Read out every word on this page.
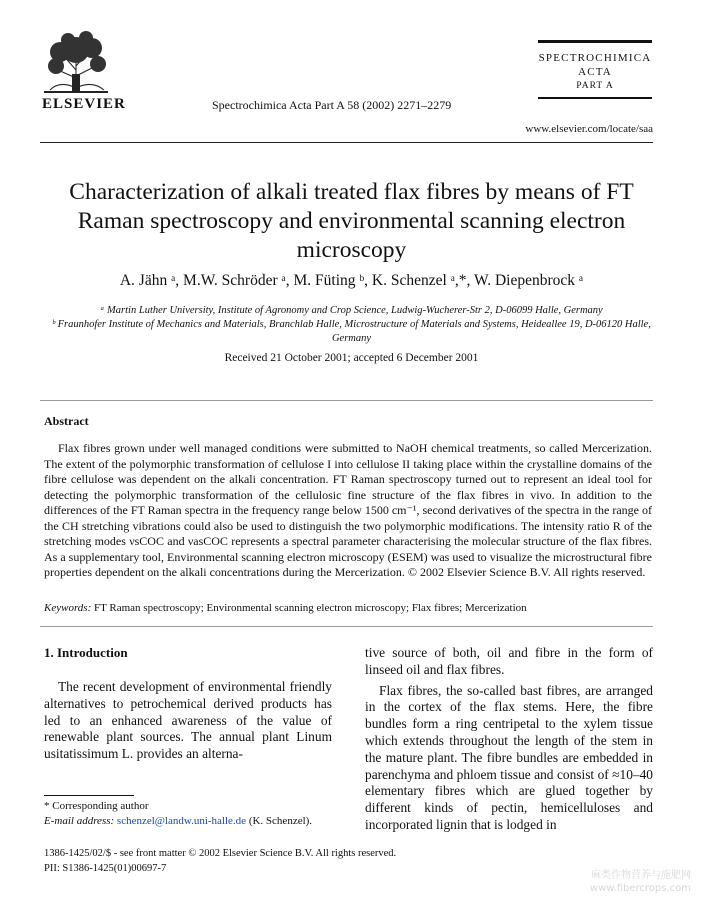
ELSEVIER	Spectrochimica Acta Part A 58 (2002) 2271–2279
SPECTROCHIMICA
ACTA
PART A
www.elsevier.com/locate/saa
Characterization of alkali treated flax fibres by means of FT Raman spectroscopy and environmental scanning electron microscopy
A. Jähn ᵃ, M.W. Schröder ᵃ, M. Füting ᵇ, K. Schenzel ᵃ,*, W. Diepenbrock ᵃ
ᵃ Martin Luther University, Institute of Agronomy and Crop Science, Ludwig-Wucherer-Str 2, D-06099 Halle, Germany
ᵇ Fraunhofer Institute of Mechanics and Materials, Branchlab Halle, Microstructure of Materials and Systems, Heideallee 19, D-06120 Halle, Germany
Received 21 October 2001; accepted 6 December 2001
Abstract
Flax fibres grown under well managed conditions were submitted to NaOH chemical treatments, so called Mercerization. The extent of the polymorphic transformation of cellulose I into cellulose II taking place within the crystalline domains of the fibre cellulose was dependent on the alkali concentration. FT Raman spectroscopy turned out to represent an ideal tool for detecting the polymorphic transformation of the cellulosic fine structure of the flax fibres in vivo. In addition to the differences of the FT Raman spectra in the frequency range below 1500 cm⁻¹, second derivatives of the spectra in the range of the CH stretching vibrations could also be used to distinguish the two polymorphic modifications. The intensity ratio R of the stretching modes νsCOC and νasCOC represents a spectral parameter characterising the molecular structure of the flax fibres. As a supplementary tool, Environmental scanning electron microscopy (ESEM) was used to visualize the microstructural fibre properties dependent on the alkali concentrations during the Mercerization. © 2002 Elsevier Science B.V. All rights reserved.
Keywords: FT Raman spectroscopy; Environmental scanning electron microscopy; Flax fibres; Mercerization
1. Introduction

The recent development of environmental friendly alternatives to petrochemical derived products has led to an enhanced awareness of the value of renewable plant sources. The annual plant Linum usitatissimum L. provides an alterna-

tive source of both, oil and fibre in the form of linseed oil and flax fibres.

Flax fibres, the so-called bast fibres, are arranged in the cortex of the flax stems. Here, the fibre bundles form a ring centripetal to the xylem tissue which extends throughout the length of the stem in the mature plant. The fibre bundles are embedded in parenchyma and phloem tissue and consist of ≈10–40 elementary fibres which are glued together by different kinds of pectin, hemicelluloses and incorporated lignin that is lodged in

* Corresponding author
E-mail address: schenzel@landw.uni-halle.de (K. Schenzel).
1386-1425/02/$ - see front matter © 2002 Elsevier Science B.V. All rights reserved.
PII: S1386-1425(01)00697-7
麻类作物营养与施肥网
www.fibercrops.com
